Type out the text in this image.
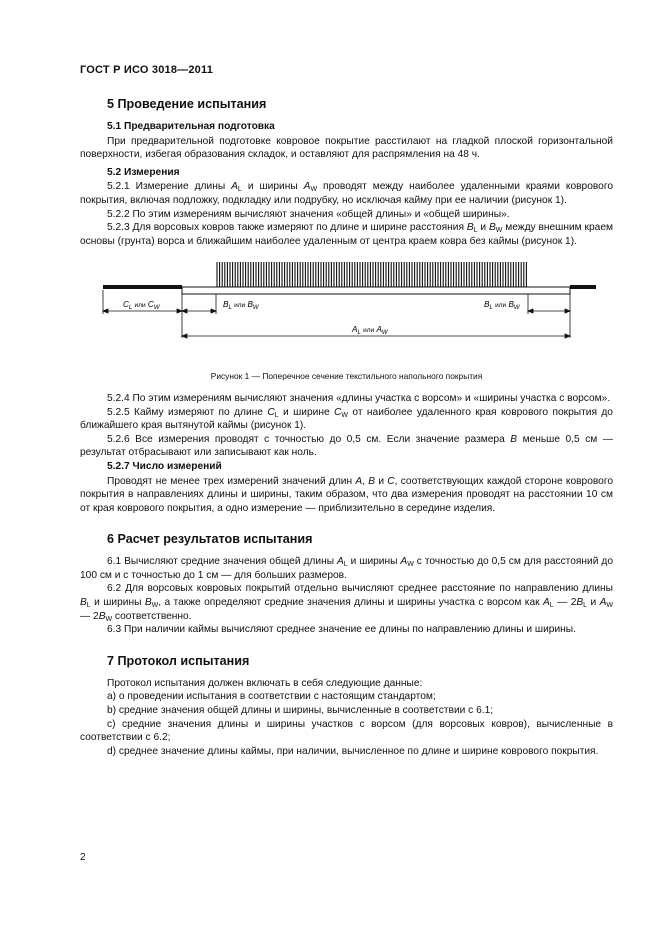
ГОСТ Р ИСО 3018—2011
5 Проведение испытания
5.1 Предварительная подготовка

При предварительной подготовке ковровое покрытие расстилают на гладкой плоской горизонтальной поверхности, избегая образования складок, и оставляют для распрямления на 48 ч.

5.2 Измерения

5.2.1 Измерение длины $A_L$ и ширины $A_W$ проводят между наиболее удаленными краями коврового покрытия, включая подложку, подкладку или подрубку, но исключая кайму при ее наличии (рисунок 1).

5.2.2 По этим измерениям вычисляют значения «общей длины» и «общей ширины».

5.2.3 Для ворсовых ковров также измеряют по длине и ширине расстояния $B_L$ и $B_W$ между внешним краем основы (грунта) ворса и ближайшим наиболее удаленным от центра краем ковра без каймы (рисунок 1).

$C_L$ или $C_W$	$B_L$ или $B_W$	$B_L$ или $B_W$
$A_L$ или $A_W$

Рисунок 1 — Поперечное сечение текстильного напольного покрытия

5.2.4 По этим измерениям вычисляют значения «длины участка с ворсом» и «ширины участка с ворсом».

5.2.5 Кайму измеряют по длине $C_L$ и ширине $C_W$ от наиболее удаленного края коврового покрытия до ближайшего края вытянутой каймы (рисунок 1).

5.2.6 Все измерения проводят с точностью до 0,5 см. Если значение размера B меньше 0,5 см — результат отбрасывают или записывают как ноль.

5.2.7 Число измерений

Проводят не менее трех измерений значений длин A, B и C, соответствующих каждой стороне коврового покрытия в направлениях длины и ширины, таким образом, что два измерения проводят на расстоянии 10 см от края коврового покрытия, а одно измерение — приблизительно в середине изделия.

6 Расчет результатов испытания

6.1 Вычисляют средние значения общей длины $A_L$ и ширины $A_W$ с точностью до 0,5 см для расстояний до 100 см и с точностью до 1 см — для больших размеров.

6.2 Для ворсовых ковровых покрытий отдельно вычисляют среднее расстояние по направлению длины $B_L$ и ширины $B_W$, а также определяют средние значения длины и ширины участка с ворсом как $A_L$ — $2B_L$ и $A_W$ — $2B_W$ соответственно.

6.3 При наличии каймы вычисляют среднее значение ее длины по направлению длины и ширины.

7 Протокол испытания

Протокол испытания должен включать в себя следующие данные:

a) о проведении испытания в соответствии с настоящим стандартом;

b) средние значения общей длины и ширины, вычисленные в соответствии с 6.1;

c) средние значения длины и ширины участков с ворсом (для ворсовых ковров), вычисленные в соответствии с 6.2;

d) среднее значение длины каймы, при наличии, вычисленное по длине и ширине коврового покрытия.

2
